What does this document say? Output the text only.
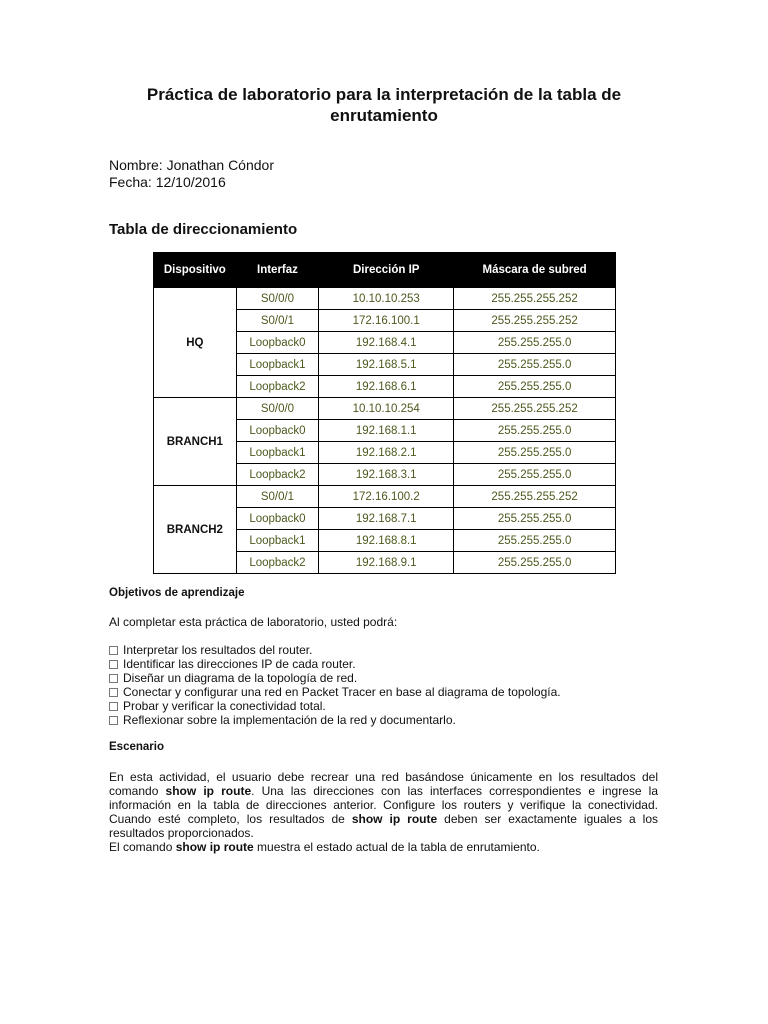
Práctica de laboratorio para la interpretación de la tabla de enrutamiento
Nombre: Jonathan Cóndor
Fecha: 12/10/2016
Tabla de direccionamiento
Dispositivo	Interfaz	Dirección IP	Máscara de subred
HQ	S0/0/0	10.10.10.253	255.255.255.252
	S0/0/1	172.16.100.1	255.255.255.252
	Loopback0	192.168.4.1	255.255.255.0
	Loopback1	192.168.5.1	255.255.255.0
	Loopback2	192.168.6.1	255.255.255.0
BRANCH1	S0/0/0	10.10.10.254	255.255.255.252
	Loopback0	192.168.1.1	255.255.255.0
	Loopback1	192.168.2.1	255.255.255.0
	Loopback2	192.168.3.1	255.255.255.0
BRANCH2	S0/0/1	172.16.100.2	255.255.255.252
	Loopback0	192.168.7.1	255.255.255.0
	Loopback1	192.168.8.1	255.255.255.0
	Loopback2	192.168.9.1	255.255.255.0
Objetivos de aprendizaje
Al completar esta práctica de laboratorio, usted podrá:
Interpretar los resultados del router.
Identificar las direcciones IP de cada router.
Diseñar un diagrama de la topología de red.
Conectar y configurar una red en Packet Tracer en base al diagrama de topología.
Probar y verificar la conectividad total.
Reflexionar sobre la implementación de la red y documentarlo.
Escenario
En esta actividad, el usuario debe recrear una red basándose únicamente en los resultados del comando show ip route. Una las direcciones con las interfaces correspondientes e ingrese la información en la tabla de direcciones anterior. Configure los routers y verifique la conectividad. Cuando esté completo, los resultados de show ip route deben ser exactamente iguales a los resultados proporcionados.
El comando show ip route muestra el estado actual de la tabla de enrutamiento.
